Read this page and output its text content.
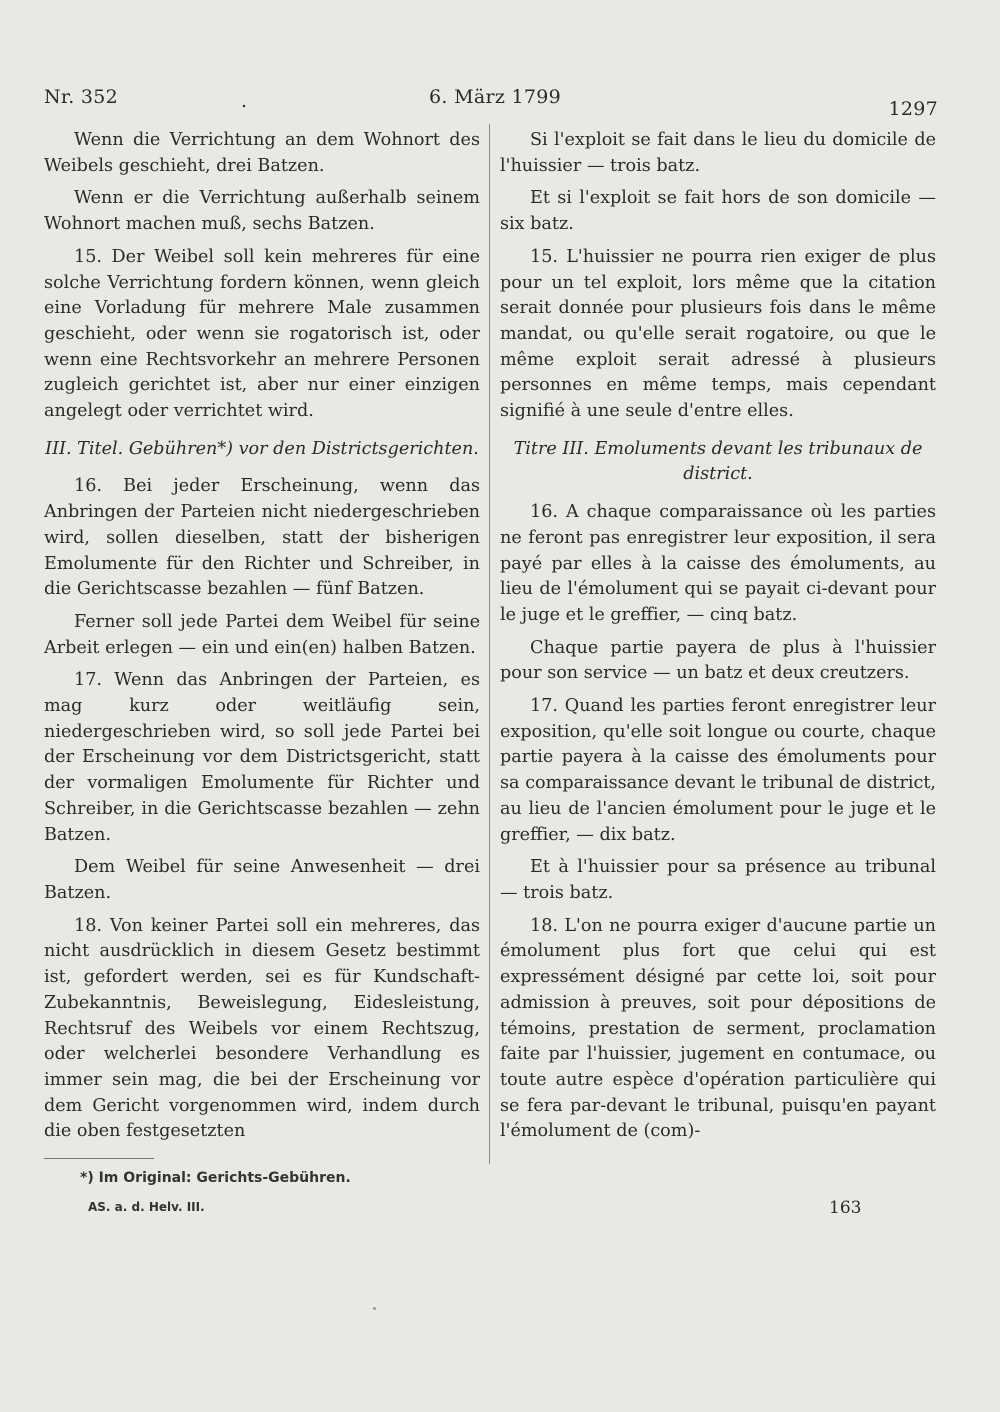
Nr. 352	.	6. März 1799
1297

Wenn die Verrichtung an dem Wohnort des Weibels geschieht, drei Batzen.

Wenn er die Verrichtung außerhalb seinem Wohnort machen muß, sechs Batzen.

15. Der Weibel soll kein mehreres für eine solche Verrichtung fordern können, wenn gleich eine Vorladung für mehrere Male zusammen geschieht, oder wenn sie rogatorisch ist, oder wenn eine Rechtsvorkehr an mehrere Personen zugleich gerichtet ist, aber nur einer einzigen angelegt oder verrichtet wird.

III. Titel. Gebühren*) vor den Districtsgerichten.

16. Bei jeder Erscheinung, wenn das Anbringen der Parteien nicht niedergeschrieben wird, sollen dieselben, statt der bisherigen Emolumente für den Richter und Schreiber, in die Gerichtscasse bezahlen — fünf Batzen.

Ferner soll jede Partei dem Weibel für seine Arbeit erlegen — ein und ein(en) halben Batzen.

17. Wenn das Anbringen der Parteien, es mag kurz oder weitläufig sein, niedergeschrieben wird, so soll jede Partei bei der Erscheinung vor dem Districtsgericht, statt der vormaligen Emolumente für Richter und Schreiber, in die Gerichtscasse bezahlen — zehn Batzen.

Dem Weibel für seine Anwesenheit — drei Batzen.

18. Von keiner Partei soll ein mehreres, das nicht ausdrücklich in diesem Gesetz bestimmt ist, gefordert werden, sei es für Kundschaft-Zubekanntnis, Beweislegung, Eidesleistung, Rechtsruf des Weibels vor einem Rechtszug, oder welcherlei besondere Verhandlung es immer sein mag, die bei der Erscheinung vor dem Gericht vorgenommen wird, indem durch die oben festgesetzten

Si l'exploit se fait dans le lieu du domicile de l'huissier — trois batz.

Et si l'exploit se fait hors de son domicile — six batz.

15. L'huissier ne pourra rien exiger de plus pour un tel exploit, lors même que la citation serait donnée pour plusieurs fois dans le même mandat, ou qu'elle serait rogatoire, ou que le même exploit serait adressé à plusieurs personnes en même temps, mais cependant signifié à une seule d'entre elles.

Titre III. Emoluments devant les tribunaux de district.

16. A chaque comparaissance où les parties ne feront pas enregistrer leur exposition, il sera payé par elles à la caisse des émoluments, au lieu de l'émolument qui se payait ci-devant pour le juge et le greffier, — cinq batz.

Chaque partie payera de plus à l'huissier pour son service — un batz et deux creutzers.

17. Quand les parties feront enregistrer leur exposition, qu'elle soit longue ou courte, chaque partie payera à la caisse des émoluments pour sa comparaissance devant le tribunal de district, au lieu de l'ancien émolument pour le juge et le greffier, — dix batz.

Et à l'huissier pour sa présence au tribunal — trois batz.

18. L'on ne pourra exiger d'aucune partie un émolument plus fort que celui qui est expressément désigné par cette loi, soit pour admission à preuves, soit pour dépositions de témoins, prestation de serment, proclamation faite par l'huissier, jugement en contumace, ou toute autre espèce d'opération particulière qui se fera par-devant le tribunal, puisqu'en payant l'émolument de (com)-

*) Im Original: Gerichts-Gebühren.
AS. a. d. Helv. III.	163
